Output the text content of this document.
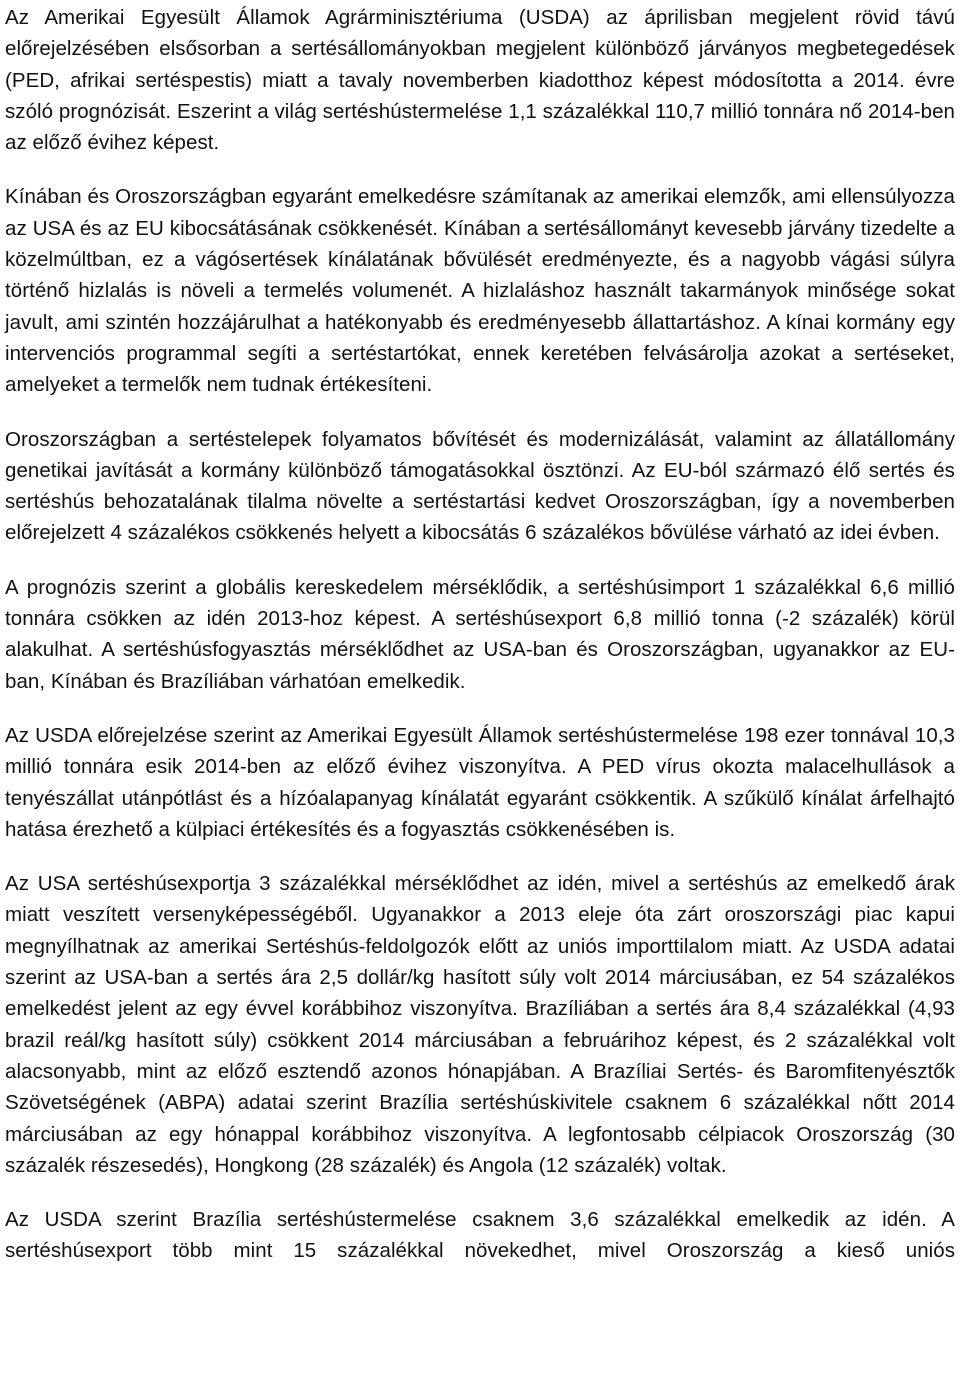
Az Amerikai Egyesült Államok Agrárminisztériuma (USDA) az áprilisban megjelent rövid távú előrejelzésében elsősorban a sertésállományokban megjelent különböző járványos megbetegedések (PED, afrikai sertéspestis) miatt a tavaly novemberben kiadotthoz képest módosította a 2014. évre szóló prognózisát. Eszerint a világ sertéshústermelése 1,1 százalékkal 110,7 millió tonnára nő 2014-ben az előző évihez képest.

Kínában és Oroszországban egyaránt emelkedésre számítanak az amerikai elemzők, ami ellensúlyozza az USA és az EU kibocsátásának csökkenését. Kínában a sertésállományt kevesebb járvány tizedelte a közelmúltban, ez a vágósertések kínálatának bővülését eredményezte, és a nagyobb vágási súlyra történő hizlalás is növeli a termelés volumenét. A hizlaláshoz használt takarmányok minősége sokat javult, ami szintén hozzájárulhat a hatékonyabb és eredményesebb állattartáshoz. A kínai kormány egy intervenciós programmal segíti a sertéstartókat, ennek keretében felvásárolja azokat a sertéseket, amelyeket a termelők nem tudnak értékesíteni.

Oroszországban a sertéstelepek folyamatos bővítését és modernizálását, valamint az állatállomány genetikai javítását a kormány különböző támogatásokkal ösztönzi. Az EU-ból származó élő sertés és sertéshús behozatalának tilalma növelte a sertéstartási kedvet Oroszországban, így a novemberben előrejelzett 4 százalékos csökkenés helyett a kibocsátás 6 százalékos bővülése várható az idei évben.

A prognózis szerint a globális kereskedelem mérséklődik, a sertéshúsimport 1 százalékkal 6,6 millió tonnára csökken az idén 2013-hoz képest. A sertéshúsexport 6,8 millió tonna (-2 százalék) körül alakulhat. A sertéshúsfogyasztás mérséklődhet az USA-ban és Oroszországban, ugyanakkor az EU-ban, Kínában és Brazíliában várhatóan emelkedik.

Az USDA előrejelzése szerint az Amerikai Egyesült Államok sertéshústermelése 198 ezer tonnával 10,3 millió tonnára esik 2014-ben az előző évihez viszonyítva. A PED vírus okozta malacelhullások a tenyészállat utánpótlást és a hízóalapanyag kínálatát egyaránt csökkentik. A szűkülő kínálat árfelhajtó hatása érezhető a külpiaci értékesítés és a fogyasztás csökkenésében is.

Az USA sertéshúsexportja 3 százalékkal mérséklődhet az idén, mivel a sertéshús az emelkedő árak miatt veszített versenyképességéből. Ugyanakkor a 2013 eleje óta zárt oroszországi piac kapui megnyílhatnak az amerikai Sertéshús-feldolgozók előtt az uniós importtilalom miatt. Az USDA adatai szerint az USA-ban a sertés ára 2,5 dollár/kg hasított súly volt 2014 márciusában, ez 54 százalékos emelkedést jelent az egy évvel korábbihoz viszonyítva. Brazíliában a sertés ára 8,4 százalékkal (4,93 brazil reál/kg hasított súly) csökkent 2014 márciusában a februárihoz képest, és 2 százalékkal volt alacsonyabb, mint az előző esztendő azonos hónapjában. A Brazíliai Sertés- és Baromfitenyésztők Szövetségének (ABPA) adatai szerint Brazília sertéshúskivitele csaknem 6 százalékkal nőtt 2014 márciusában az egy hónappal korábbihoz viszonyítva. A legfontosabb célpiacok Oroszország (30 százalék részesedés), Hongkong (28 százalék) és Angola (12 százalék) voltak.

Az USDA szerint Brazília sertéshústermelése csaknem 3,6 százalékkal emelkedik az idén. A sertéshúsexport több mint 15 százalékkal növekedhet, mivel Oroszország a kieső uniós
